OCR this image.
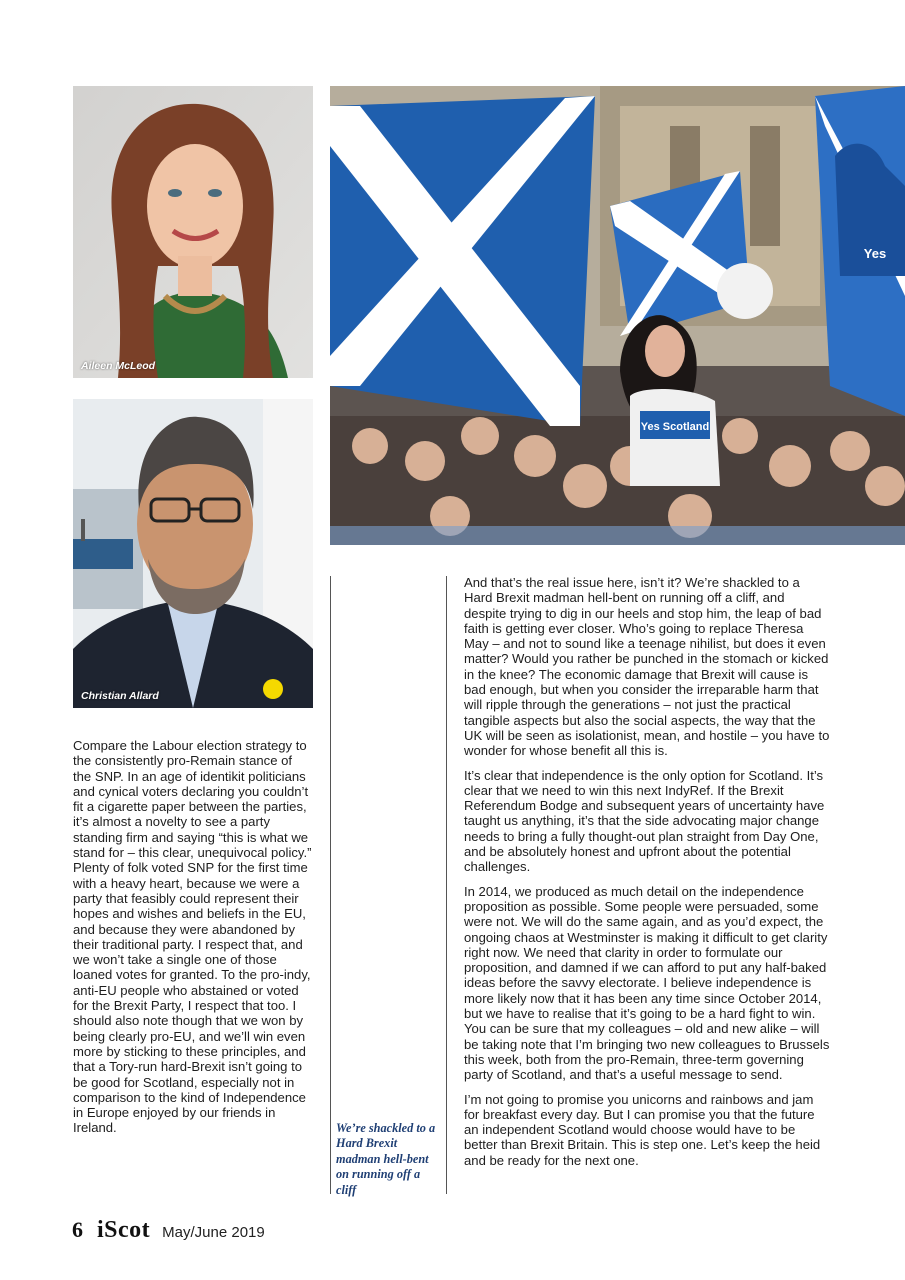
Aileen McLeod
Christian Allard
Yes Scotland
Yes

Compare the Labour election strategy to the consistently pro-Remain stance of the SNP. In an age of identikit politicians and cynical voters declaring you couldn’t fit a cigarette paper between the parties, it’s almost a novelty to see a party standing firm and saying “this is what we stand for – this clear, unequivocal policy.” Plenty of folk voted SNP for the first time with a heavy heart, because we were a party that feasibly could represent their hopes and wishes and beliefs in the EU, and because they were abandoned by their traditional party. I respect that, and we won’t take a single one of those loaned votes for granted. To the pro-indy, anti-EU people who abstained or voted for the Brexit Party, I respect that too. I should also note though that we won by being clearly pro-EU, and we’ll win even more by sticking to these principles, and that a Tory-run hard-Brexit isn’t going to be good for Scotland, especially not in comparison to the kind of Independence in Europe enjoyed by our friends in Ireland.	We’re shackled to a Hard Brexit madman hell-bent on running off a cliff

And that’s the real issue here, isn’t it? We’re shackled to a Hard Brexit madman hell-bent on running off a cliff, and despite trying to dig in our heels and stop him, the leap of bad faith is getting ever closer. Who’s going to replace Theresa May – and not to sound like a teenage nihilist, but does it even matter? Would you rather be punched in the stomach or kicked in the knee? The economic damage that Brexit will cause is bad enough, but when you consider the irreparable harm that will ripple through the generations – not just the practical tangible aspects but also the social aspects, the way that the UK will be seen as isolationist, mean, and hostile – you have to wonder for whose benefit all this is.

It’s clear that independence is the only option for Scotland. It’s clear that we need to win this next IndyRef. If the Brexit Referendum Bodge and subsequent years of uncertainty have taught us anything, it’s that the side advocating major change needs to bring a fully thought-out plan straight from Day One, and be absolutely honest and upfront about the potential challenges.

In 2014, we produced as much detail on the independence proposition as possible. Some people were persuaded, some were not. We will do the same again, and as you’d expect, the ongoing chaos at Westminster is making it difficult to get clarity right now. We need that clarity in order to formulate our proposition, and damned if we can afford to put any half-baked ideas before the savvy electorate. I believe independence is more likely now that it has been any time since October 2014, but we have to realise that it’s going to be a hard fight to win. You can be sure that my colleagues – old and new alike – will be taking note that I’m bringing two new colleagues to Brussels this week, both from the pro-Remain, three-term governing party of Scotland, and that’s a useful message to send.

I’m not going to promise you unicorns and rainbows and jam for breakfast every day. But I can promise you that the future an independent Scotland would choose would have to be better than Brexit Britain. This is step one. Let’s keep the heid and be ready for the next one.

6 iScot May/June 2019
